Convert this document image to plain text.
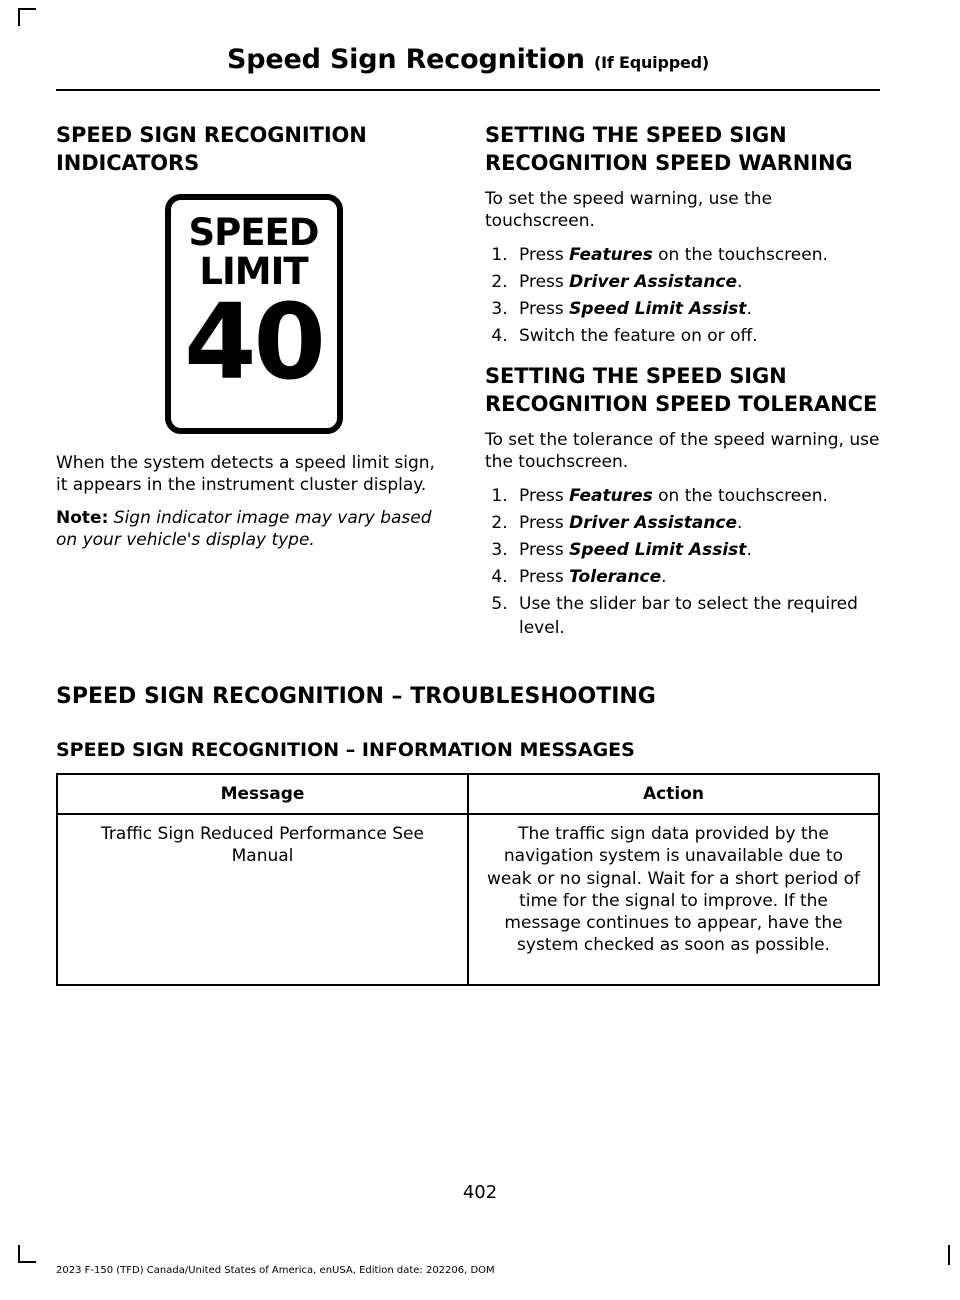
Speed Sign Recognition (If Equipped)
SPEED SIGN RECOGNITION INDICATORS
SPEED
LIMIT
40

When the system detects a speed limit sign, it appears in the instrument cluster display.

Note: Sign indicator image may vary based on your vehicle's display type.

SETTING THE SPEED SIGN RECOGNITION SPEED WARNING

To set the speed warning, use the touchscreen.

1. Press Features on the touchscreen.
2. Press Driver Assistance.
3. Press Speed Limit Assist.
4. Switch the feature on or off.
SETTING THE SPEED SIGN RECOGNITION SPEED TOLERANCE

To set the tolerance of the speed warning, use the touchscreen.

1. Press Features on the touchscreen.
2. Press Driver Assistance.
3. Press Speed Limit Assist.
4. Press Tolerance.
5. Use the slider bar to select the required level.
SPEED SIGN RECOGNITION – TROUBLESHOOTING
SPEED SIGN RECOGNITION – INFORMATION MESSAGES
Message	Action
Traffic Sign Reduced Performance See Manual	The traffic sign data provided by the navigation system is unavailable due to weak or no signal. Wait for a short period of time for the signal to improve. If the message continues to appear, have the system checked as soon as possible.
402
2023 F-150 (TFD) Canada/United States of America, enUSA, Edition date: 202206, DOM
